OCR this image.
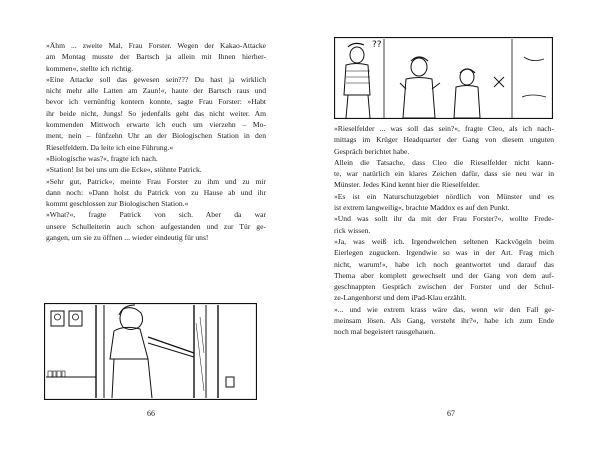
»Ähm ... zweite Mal, Frau Forster. Wegen der Kakao-Attacke
am Montag musste der Bartsch ja allein mit Ihnen hierher-
kommen«, stellte ich richtig.
»Eine Attacke soll das gewesen sein??? Du hast ja wirklich
nicht mehr alle Latten am Zaun!«, haute der Bartsch raus und
bevor ich vernünftig kontern konnte, sagte Frau Forster: »Habt
ihr beide nicht, Jungs! So jedenfalls geht das nicht weiter. Am
kommenden Mittwoch erwarte ich euch um vierzehn – Mo-
ment, nein – fünfzehn Uhr an der Biologischen Station in den
Rieselfeldern. Da leite ich eine Führung.«
»Biologische was?«, fragte ich nach.
»Station! Ist bei uns um die Ecke«, stöhnte Patrick.
»Sehr gut, Patrick«, meinte Frau Forster zu ihm und zu mir
dann noch: »Dann holst du Patrick von zu Hause ab und ihr
kommt geschlossen zur Biologischen Station.«
»What?«, fragte Patrick von sich. Aber da war
unsere Schulleiterin auch schon aufgestanden und zur Tür ge-
gangen, um sie zu öffnen ... wieder eindeutig für uns!
66
??
»Rieselfelder ... was soll das sein?«, fragte Cleo, als ich nach-
mittags im Krüger Headquarter der Gang von diesem unguten
Gespräch berichtet habe.
Allein die Tatsache, dass Cleo die Rieselfelder nicht kann-
te, war natürlich ein klares Zeichen dafür, dass sie neu war in
Münster. Jedes Kind kennt hier die Rieselfelder.
»Es ist ein Naturschutzgebiet nördlich von Münster und es
ist extrem langweilig«, brachte Maddox es auf den Punkt.
»Und was sollt ihr da mit der Frau Forster?«, wollte Frede-
rick wissen.
»Ja, was weiß ich. Irgendwelchen seltenen Kackvögeln beim
Eierlegen zugucken. Irgendwie so was in der Art. Frag mich
nicht, warum!«, habe ich noch geantwortet und darauf das
Thema aber komplett gewechselt und der Gang von dem auf-
geschnappten Gespräch zwischen der Forster und der Schul-
ze-Langenhorst und dem iPad-Klau erzählt.
»... und wie extrem krass wäre das, wenn wir den Fall ge-
meinsam lösen. Als Gang, versteht ihr?«, habe ich zum Ende
noch mal begeistert rausgehauen.
67
